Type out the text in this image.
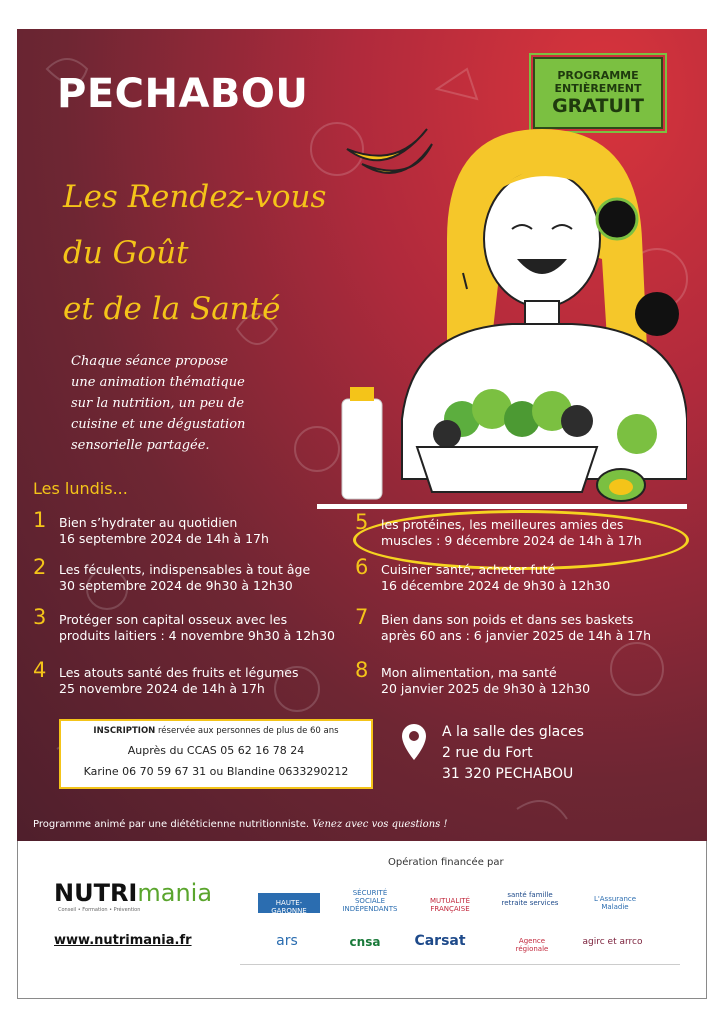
PECHABOU	PROGRAMME
ENTIÈREMENT
GRATUIT
Les Rendez-vous
du Goût
et de la Santé
Chaque séance propose
une animation thématique
sur la nutrition, un peu de
cuisine et une dégustation
sensorielle partagée.
Les lundis...
1 Bien s’hydrater au quotidien
16 septembre 2024 de 14h à 17h
2 Les féculents, indispensables à tout âge
30 septembre 2024 de 9h30 à 12h30
3 Protéger son capital osseux avec les
produits laitiers : 4 novembre 9h30 à 12h30
4 Les atouts santé des fruits et légumes
25 novembre 2024 de 14h à 17h
5 les protéines, les meilleures amies des
muscles : 9 décembre 2024 de 14h à 17h
6 Cuisiner santé, acheter futé
16 décembre 2024 de 9h30 à 12h30
7 Bien dans son poids et dans ses baskets
après 60 ans : 6 janvier 2025 de 14h à 17h
8 Mon alimentation, ma santé
20 janvier 2025 de 9h30 à 12h30
INSCRIPTION réservée aux personnes de plus de 60 ans
Auprès du CCAS 05 62 16 78 24
Karine 06 70 59 67 31 ou Blandine 0633290212
A la salle des glaces
2 rue du Fort
31 320 PECHABOU
Programme animé par une diététicienne nutritionniste. Venez avec vos questions !
Opération financée par
NUTRImania
Conseil • Formation • Prévention
www.nutrimania.fr
HAUTE-GARONNE
SÉCURITÉ SOCIALE INDÉPENDANTS
MUTUALITÉ FRANÇAISE
santé famille retraite services	L'Assurance Maladie
ars	cnsa	Carsat	Agence régionale
agirc et arrco
